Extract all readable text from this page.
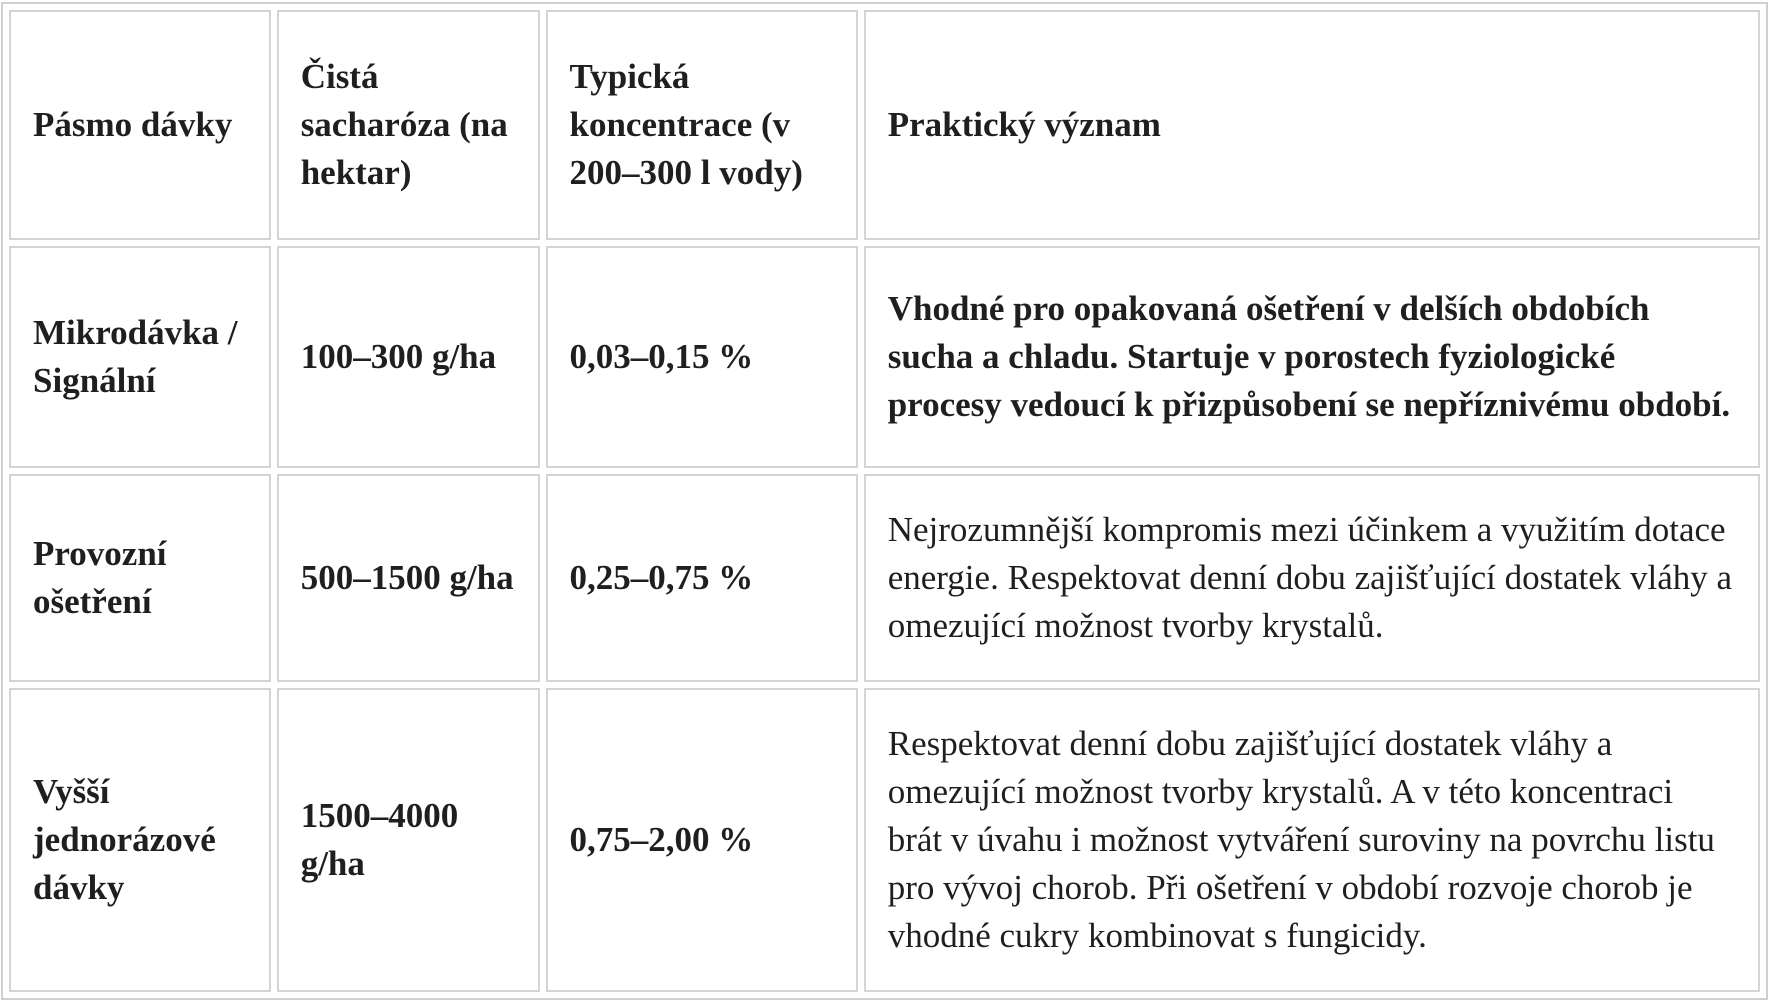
Pásmo dávky	Čistá sacharóza (na hektar)	Typická koncentrace (v 200–300 l vody)	Praktický význam
Mikrodávka / Signální	100–300 g/ha	0,03–0,15 %	Vhodné pro opakovaná ošetření v delších obdobích sucha a chladu. Startuje v porostech fyziologické procesy vedoucí k přizpůsobení se nepříznivému období.
Provozní ošetření	500–1500 g/ha	0,25–0,75 %	Nejrozumnější kompromis mezi účinkem a využitím dotace energie. Respektovat denní dobu zajišťující dostatek vláhy a omezující možnost tvorby krystalů.
Vyšší jednorázové dávky	1500–4000 g/ha	0,75–2,00 %	Respektovat denní dobu zajišťující dostatek vláhy a omezující možnost tvorby krystalů. A v této koncentraci brát v úvahu i možnost vytváření suroviny na povrchu listu pro vývoj chorob. Při ošetření v období rozvoje chorob je vhodné cukry kombinovat s fungicidy.
